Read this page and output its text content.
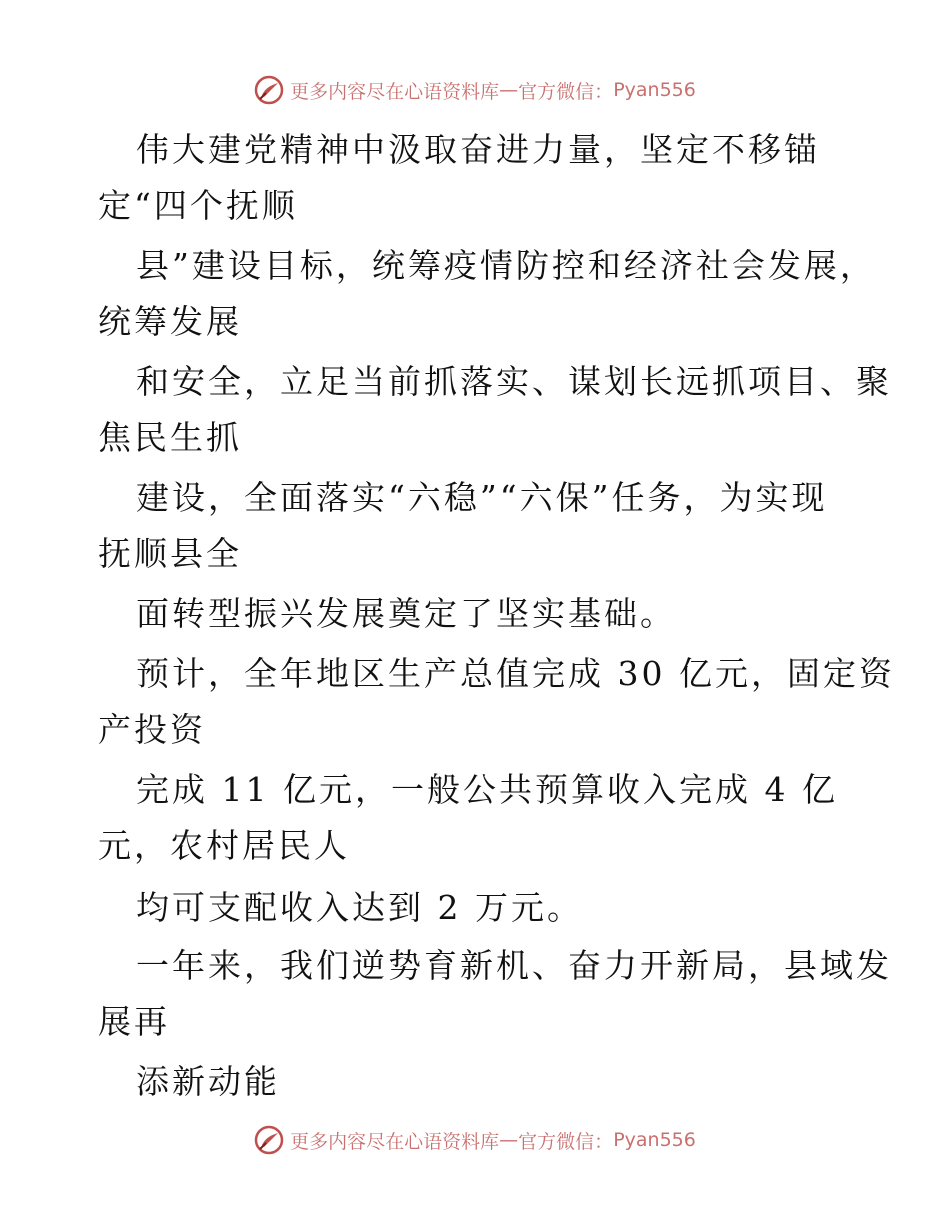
更多内容尽在心语资料库 — 官方微信： Pyan556
伟大建党精神中汲取奋进力量，坚定不移锚
定“四个抚顺
县”建设目标，统筹疫情防控和经济社会发展，
统筹发展
和安全，立足当前抓落实、谋划长远抓项目、聚
焦民生抓
建设，全面落实“六稳”“六保”任务，为实现
抚顺县全
面转型振兴发展奠定了坚实基础。
预计，全年地区生产总值完成 30 亿元，固定资
产投资
完成 11 亿元，一般公共预算收入完成 4 亿
元，农村居民人
均可支配收入达到 2 万元。
一年来，我们逆势育新机、奋力开新局，县域发
展再
添新动能
更多内容尽在心语资料库 — 官方微信： Pyan556
